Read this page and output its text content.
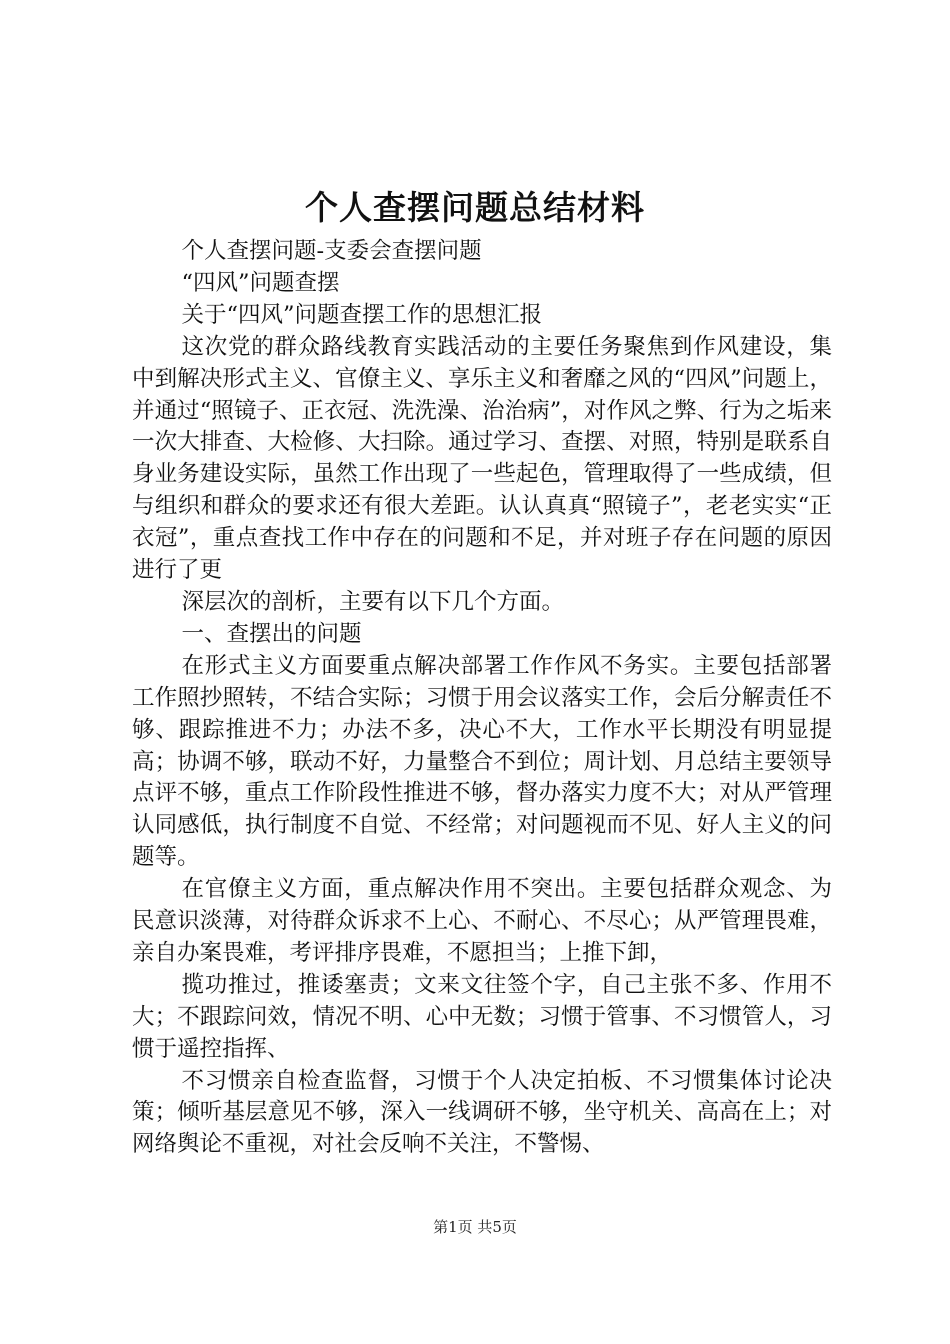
个人查摆问题总结材料

个人查摆问题-支委会查摆问题

“四风”问题查摆

关于“四风”问题查摆工作的思想汇报

这次党的群众路线教育实践活动的主要任务聚焦到作风建设，集中到解决形式主义、官僚主义、享乐主义和奢靡之风的“四风”问题上，并通过“照镜子、正衣冠、洗洗澡、治治病”，对作风之弊、行为之垢来一次大排查、大检修、大扫除。通过学习、查摆、对照，特别是联系自身业务建设实际，虽然工作出现了一些起色，管理取得了一些成绩，但与组织和群众的要求还有很大差距。认认真真“照镜子”，老老实实“正衣冠”，重点查找工作中存在的问题和不足，并对班子存在问题的原因进行了更

深层次的剖析，主要有以下几个方面。

一、查摆出的问题

在形式主义方面要重点解决部署工作作风不务实。主要包括部署工作照抄照转，不结合实际；习惯于用会议落实工作，会后分解责任不够、跟踪推进不力；办法不多，决心不大，工作水平长期没有明显提高；协调不够，联动不好，力量整合不到位；周计划、月总结主要领导点评不够，重点工作阶段性推进不够，督办落实力度不大；对从严管理认同感低，执行制度不自觉、不经常；对问题视而不见、好人主义的问题等。

在官僚主义方面，重点解决作用不突出。主要包括群众观念、为民意识淡薄，对待群众诉求不上心、不耐心、不尽心；从严管理畏难，亲自办案畏难，考评排序畏难，不愿担当；上推下卸，

揽功推过，推诿塞责；文来文往签个字，自己主张不多、作用不大；不跟踪问效，情况不明、心中无数；习惯于管事、不习惯管人，习惯于遥控指挥、

不习惯亲自检查监督，习惯于个人决定拍板、不习惯集体讨论决策；倾听基层意见不够，深入一线调研不够，坐守机关、高高在上；对网络舆论不重视，对社会反响不关注，不警惕、

第1页 共5页
